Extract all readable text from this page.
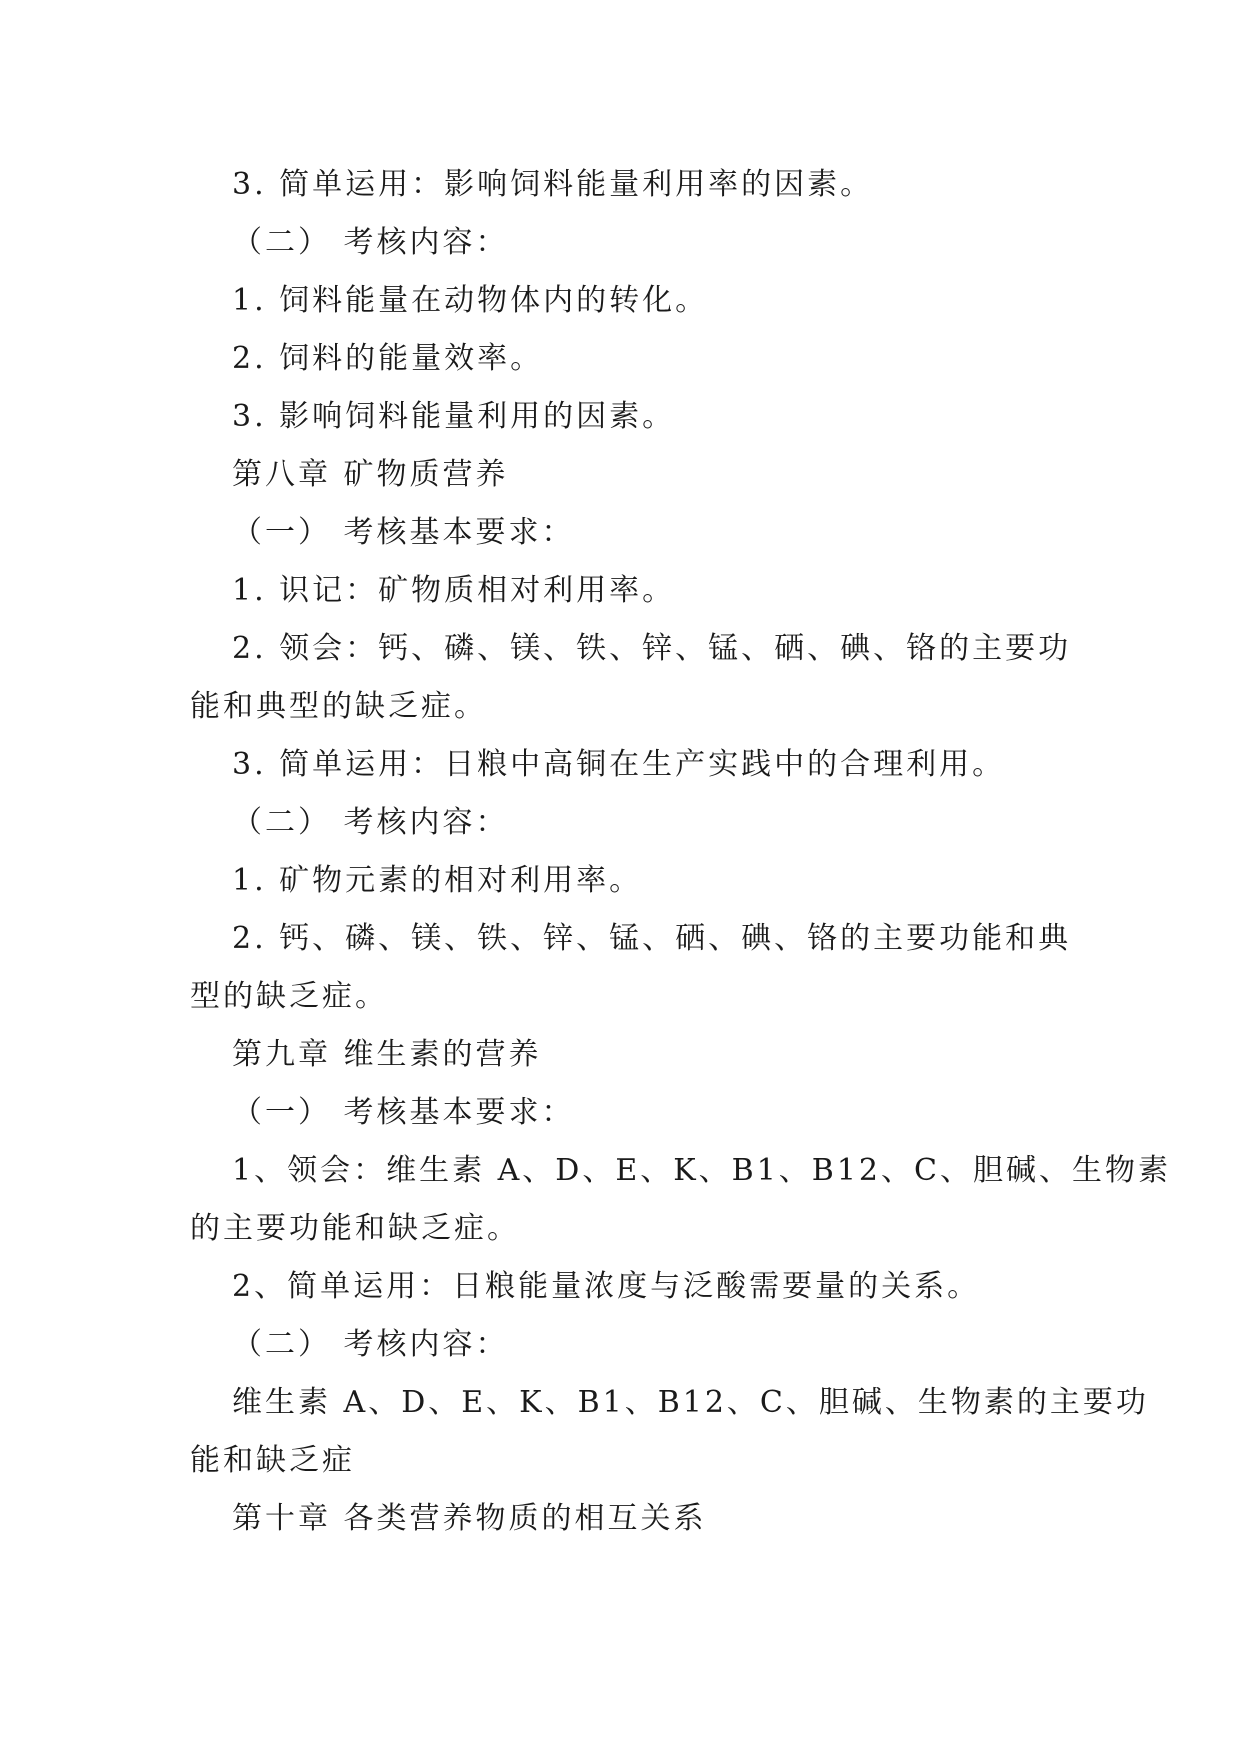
3. 简单运用：影响饲料能量利用率的因素。
（二） 考核内容：
1. 饲料能量在动物体内的转化。
2. 饲料的能量效率。
3. 影响饲料能量利用的因素。
第八章 矿物质营养
（一） 考核基本要求：
1. 识记：矿物质相对利用率。
2. 领会：钙、磷、镁、铁、锌、锰、硒、碘、铬的主要功
能和典型的缺乏症。
3. 简单运用：日粮中高铜在生产实践中的合理利用。
（二） 考核内容：
1. 矿物元素的相对利用率。
2. 钙、磷、镁、铁、锌、锰、硒、碘、铬的主要功能和典
型的缺乏症。
第九章 维生素的营养
（一） 考核基本要求：
1、领会：维生素 A、D、E、K、B1、B12、C、胆碱、生物素
的主要功能和缺乏症。
2、简单运用：日粮能量浓度与泛酸需要量的关系。
（二） 考核内容：
维生素 A、D、E、K、B1、B12、C、胆碱、生物素的主要功
能和缺乏症
第十章 各类营养物质的相互关系
